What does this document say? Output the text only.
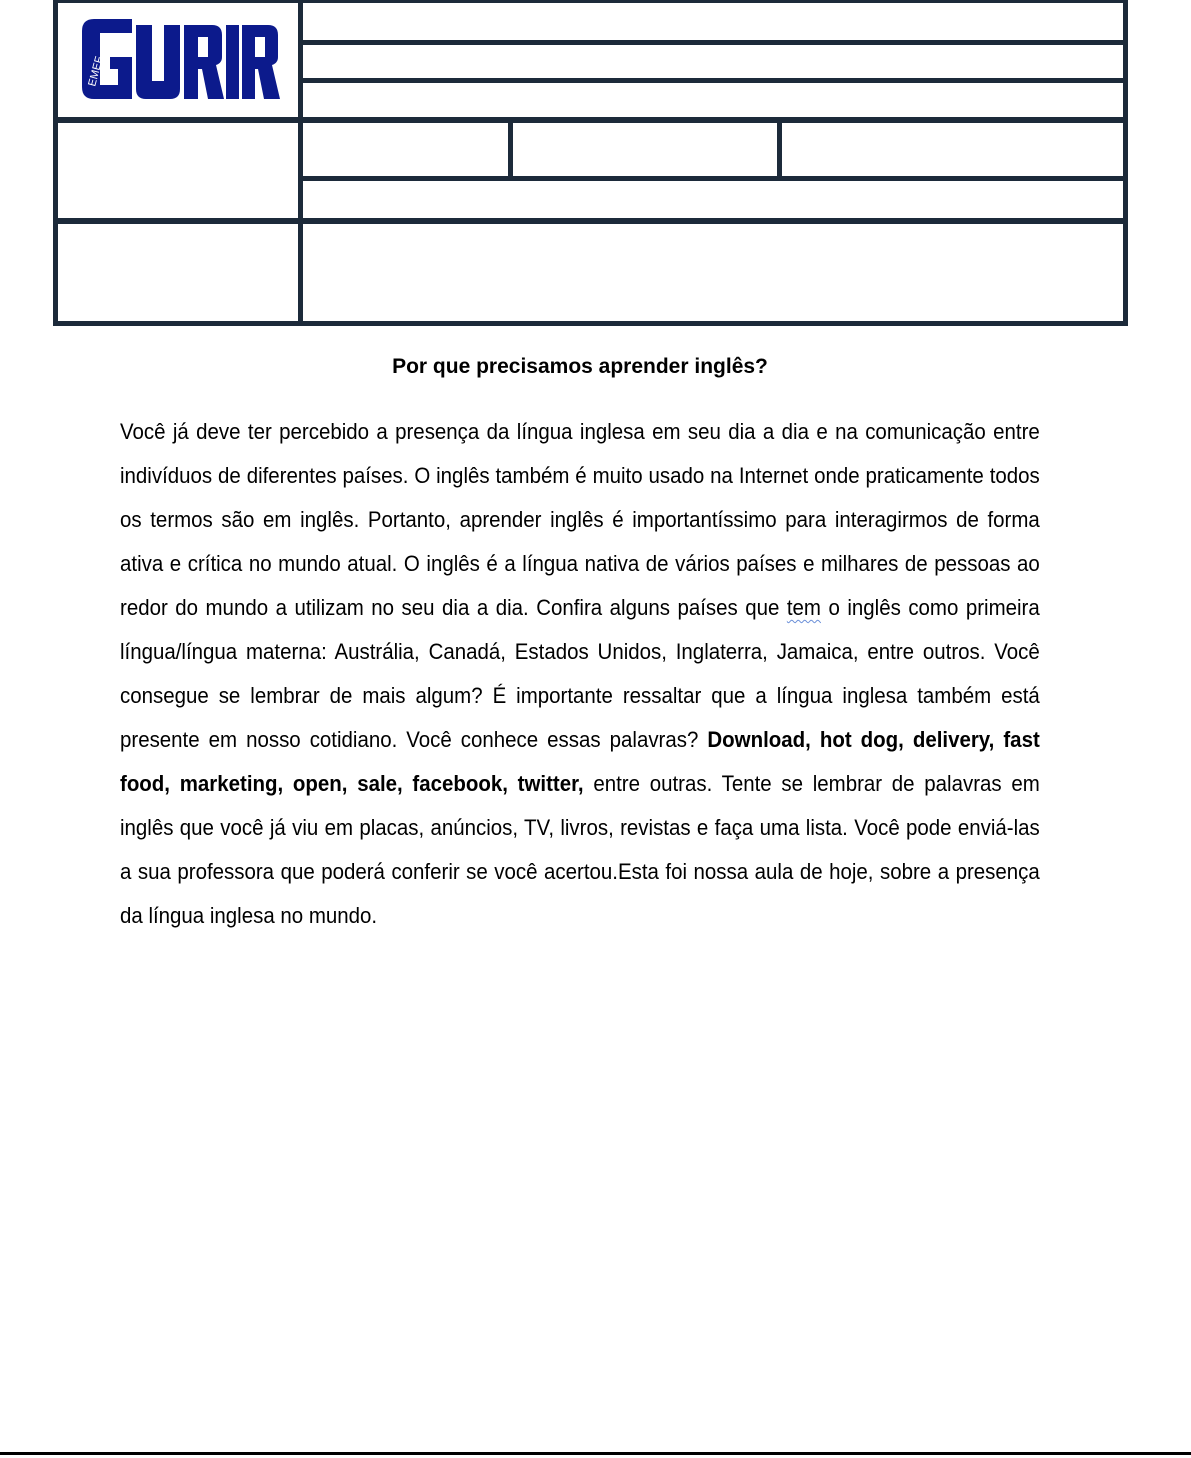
EMEF
Por que precisamos aprender inglês?

Você já deve ter percebido a presença da língua inglesa em seu dia a dia e na comunicação entre indivíduos de diferentes países. O inglês também é muito usado na Internet onde praticamente todos os termos são em inglês. Portanto, aprender inglês é importantíssimo para interagirmos de forma ativa e crítica no mundo atual. O inglês é a língua nativa de vários países e milhares de pessoas ao redor do mundo a utilizam no seu dia a dia. Confira alguns países que tem o inglês como primeira língua/língua materna: Austrália, Canadá, Estados Unidos, Inglaterra, Jamaica, entre outros. Você consegue se lembrar de mais algum? É importante ressaltar que a língua inglesa também está presente em nosso cotidiano. Você conhece essas palavras? Download, hot dog, delivery, fast food, marketing, open, sale, facebook, twitter, entre outras. Tente se lembrar de palavras em inglês que você já viu em placas, anúncios, TV, livros, revistas e faça uma lista. Você pode enviá-las a sua professora que poderá conferir se você acertou.Esta foi nossa aula de hoje, sobre a presença da língua inglesa no mundo.
